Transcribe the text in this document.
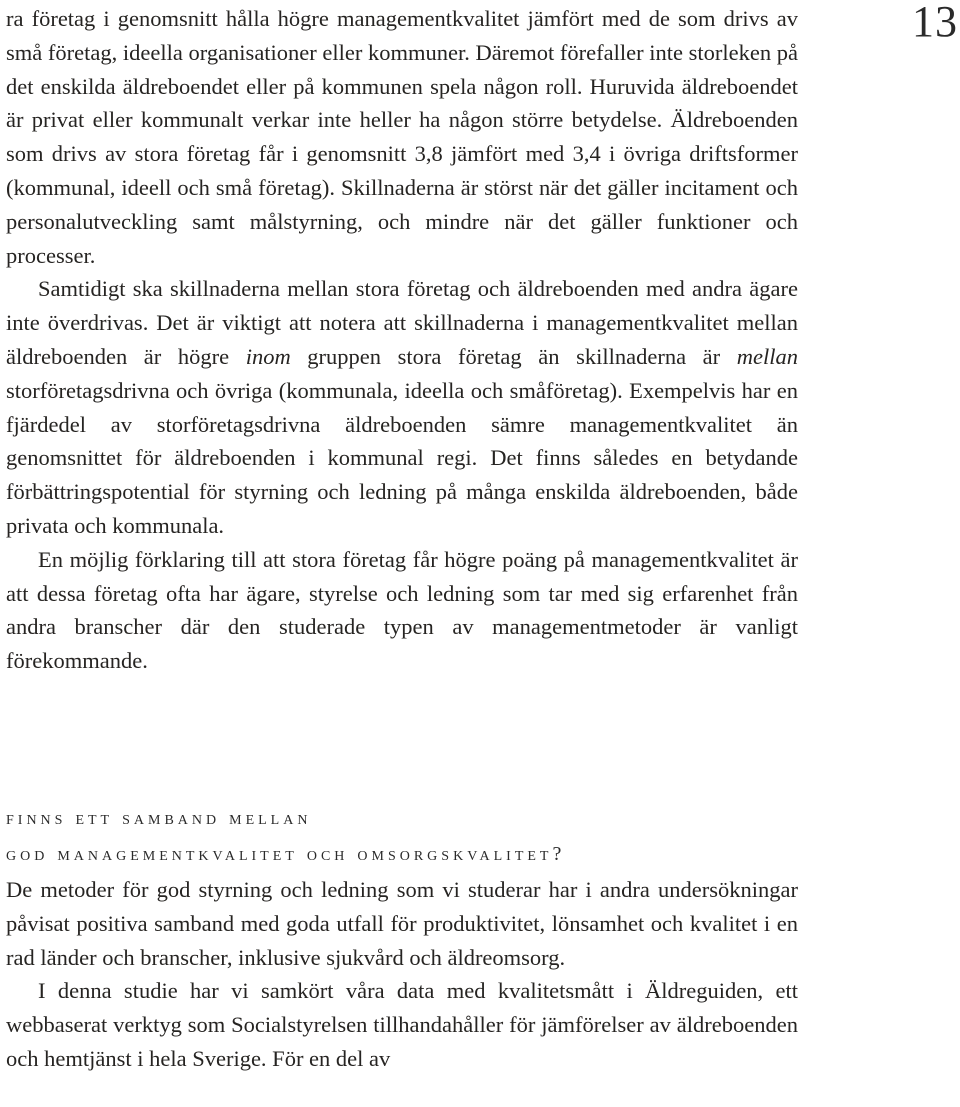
13

ra företag i genomsnitt hålla högre managementkvalitet jämfört med de som drivs av små företag, ideella organisationer eller kommuner. Däremot förefaller inte storleken på det enskilda äldreboendet eller på kommunen spela någon roll. Huruvida äldreboendet är privat eller kommunalt verkar inte heller ha någon större betydelse. Äldreboenden som drivs av stora företag får i genomsnitt 3,8 jämfört med 3,4 i övriga driftsformer (kommunal, ideell och små företag). Skillnaderna är störst när det gäller incitament och personalutveckling samt målstyrning, och mindre när det gäller funktioner och processer.

Samtidigt ska skillnaderna mellan stora företag och äldreboenden med andra ägare inte överdrivas. Det är viktigt att notera att skillnaderna i managementkvalitet mellan äldreboenden är högre inom gruppen stora företag än skillnaderna är mellan storföretagsdrivna och övriga (kommunala, ideella och småföretag). Exempelvis har en fjärdedel av storföretagsdrivna äldreboenden sämre managementkvalitet än genomsnittet för äldreboenden i kommunal regi. Det finns således en betydande förbättringspotential för styrning och ledning på många enskilda äldreboenden, både privata och kommunala.

En möjlig förklaring till att stora företag får högre poäng på managementkvalitet är att dessa företag ofta har ägare, styrelse och ledning som tar med sig erfarenhet från andra branscher där den studerade typen av managementmetoder är vanligt förekommande.

finns ett samband mellan
god managementkvalitet och omsorgskvalitet?

De metoder för god styrning och ledning som vi studerar har i andra undersökningar påvisat positiva samband med goda utfall för produktivitet, lönsamhet och kvalitet i en rad länder och branscher, inklusive sjukvård och äldreomsorg.

I denna studie har vi samkört våra data med kvalitetsmått i Äldreguiden, ett webbaserat verktyg som Socialstyrelsen tillhandahåller för jämförelser av äldreboenden och hemtjänst i hela Sverige. För en del av
